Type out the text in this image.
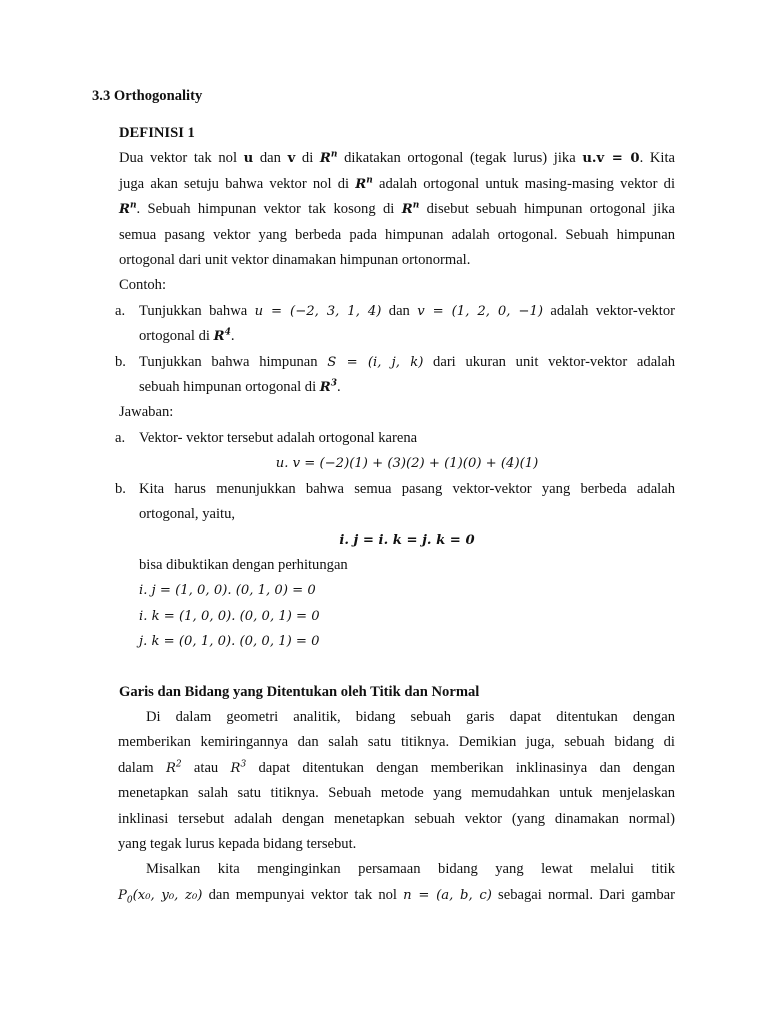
3.3 Orthogonality

DEFINISI 1

Dua vektor tak nol u dan v di $R^n$ dikatakan ortogonal (tegak lurus) jika u.v = 0. Kita

juga akan setuju bahwa vektor nol di $R^n$ adalah ortogonal untuk masing-masing vektor di

$R^n$. Sebuah himpunan vektor tak kosong di $R^n$ disebut sebuah himpunan ortogonal jika

semua pasang vektor yang berbeda pada himpunan adalah ortogonal. Sebuah himpunan

ortogonal dari unit vektor dinamakan himpunan ortonormal.

Contoh:

a. Tunjukkan bahwa u = (−2, 3, 1, 4) dan v = (1, 2, 0, −1) adalah vektor-vektor

ortogonal di $R^4$.

b. Tunjukkan bahwa himpunan S = (i, j, k) dari ukuran unit vektor-vektor adalah

sebuah himpunan ortogonal di $R^3$.

Jawaban:

a. Vektor- vektor tersebut adalah ortogonal karena

u. v = (−2)(1) + (3)(2) + (1)(0) + (4)(1)

b. Kita harus menunjukkan bahwa semua pasang vektor-vektor yang berbeda adalah

ortogonal, yaitu,

i. j = i. k = j. k = 0

bisa dibuktikan dengan perhitungan

i. j = (1, 0, 0). (0, 1, 0) = 0

i. k = (1, 0, 0). (0, 0, 1) = 0

j. k = (0, 1, 0). (0, 0, 1) = 0

Garis dan Bidang yang Ditentukan oleh Titik dan Normal

Di dalam geometri analitik, bidang sebuah garis dapat ditentukan dengan

memberikan kemiringannya dan salah satu titiknya. Demikian juga, sebuah bidang di

dalam $R^2$ atau $R^3$ dapat ditentukan dengan memberikan inklinasinya dan dengan

menetapkan salah satu titiknya. Sebuah metode yang memudahkan untuk menjelaskan

inklinasi tersebut adalah dengan menetapkan sebuah vektor (yang dinamakan normal)

yang tegak lurus kepada bidang tersebut.

Misalkan kita menginginkan persamaan bidang yang lewat melalui titik

$P_0(x_0$, y₀, z₀) dan mempunyai vektor tak nol n = (a, b, c) sebagai normal. Dari gambar
